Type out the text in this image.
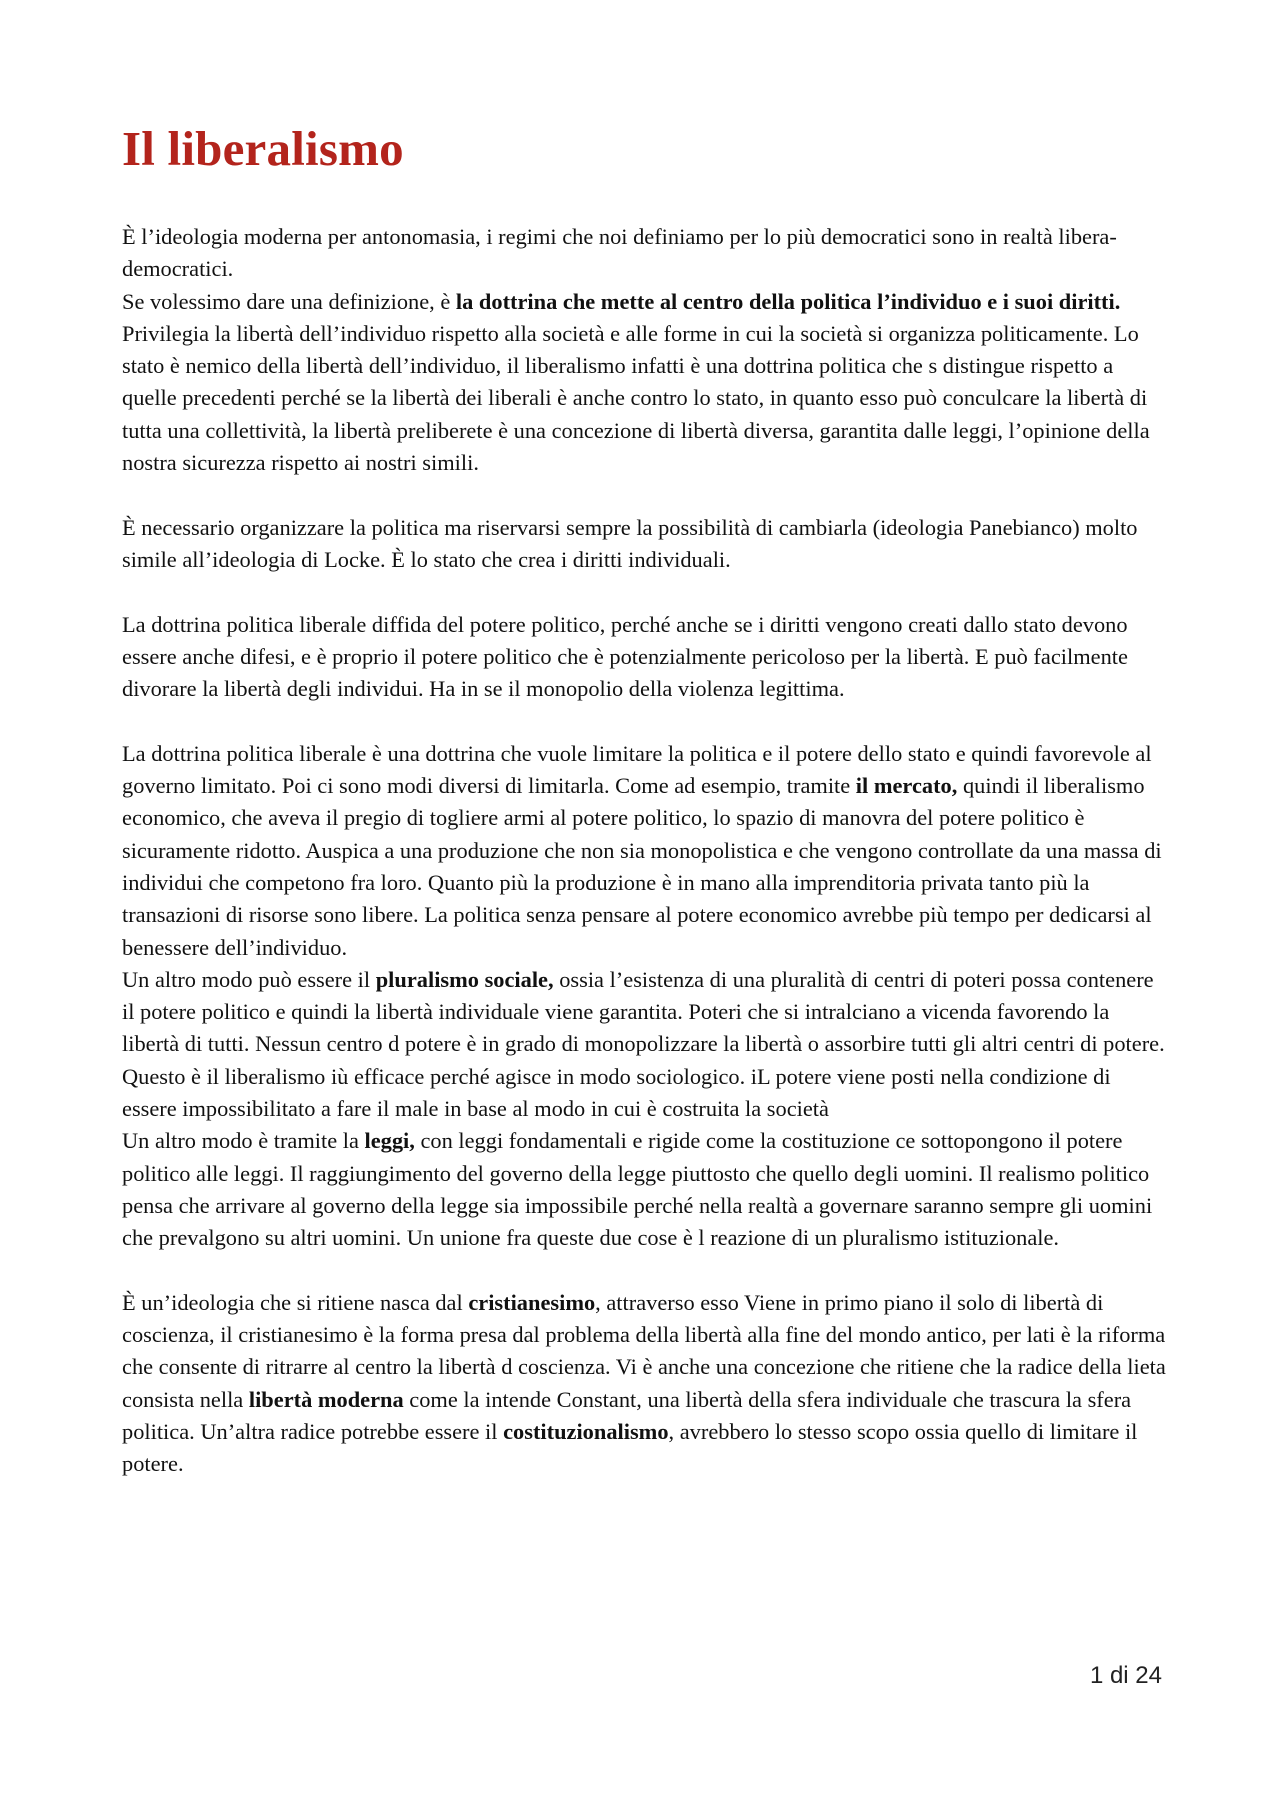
Il liberalismo

È l’ideologia moderna per antonomasia, i regimi che noi definiamo per lo più democratici sono in realtà libera-democratici.

Se volessimo dare una definizione, è la dottrina che mette al centro della politica l’individuo e i suoi diritti. Privilegia la libertà dell’individuo rispetto alla società e alle forme in cui la società si organizza politicamente. Lo stato è nemico della libertà dell’individuo, il liberalismo infatti è una dottrina politica che s distingue rispetto a quelle precedenti perché se la libertà dei liberali è anche contro lo stato, in quanto esso può conculcare la libertà di tutta una collettività, la libertà preliberete è una concezione di libertà diversa, garantita dalle leggi, l’opinione della nostra sicurezza rispetto ai nostri simili.

È necessario organizzare la politica ma riservarsi sempre la possibilità di cambiarla (ideologia Panebianco) molto simile all’ideologia di Locke. È lo stato che crea i diritti individuali.

La dottrina politica liberale diffida del potere politico, perché anche se i diritti vengono creati dallo stato devono essere anche difesi, e è proprio il potere politico che è potenzialmente pericoloso per la libertà. E può facilmente divorare la libertà degli individui. Ha in se il monopolio della violenza legittima.

La dottrina politica liberale è una dottrina che vuole limitare la politica e il potere dello stato e quindi favorevole al governo limitato. Poi ci sono modi diversi di limitarla. Come ad esempio, tramite il mercato, quindi il liberalismo economico, che aveva il pregio di togliere armi al potere politico, lo spazio di manovra del potere politico è sicuramente ridotto. Auspica a una produzione che non sia monopolistica e che vengono controllate da una massa di individui che competono fra loro. Quanto più la produzione è in mano alla imprenditoria privata tanto più la transazioni di risorse sono libere. La politica senza pensare al potere economico avrebbe più tempo per dedicarsi al benessere dell’individuo.

Un altro modo può essere il pluralismo sociale, ossia l’esistenza di una pluralità di centri di poteri possa contenere il potere politico e quindi la libertà individuale viene garantita. Poteri che si intralciano a vicenda favorendo la libertà di tutti. Nessun centro d potere è in grado di monopolizzare la libertà o assorbire tutti gli altri centri di potere. Questo è il liberalismo iù efficace perché agisce in modo sociologico. iL potere viene posti nella condizione di essere impossibilitato a fare il male in base al modo in cui è costruita la società

Un altro modo è tramite la leggi, con leggi fondamentali e rigide come la costituzione ce sottopongono il potere politico alle leggi. Il raggiungimento del governo della legge piuttosto che quello degli uomini. Il realismo politico pensa che arrivare al governo della legge sia impossibile perché nella realtà a governare saranno sempre gli uomini che prevalgono su altri uomini. Un unione fra queste due cose è l reazione di un pluralismo istituzionale.

È un’ideologia che si ritiene nasca dal cristianesimo, attraverso esso Viene in primo piano il solo di libertà di coscienza, il cristianesimo è la forma presa dal problema della libertà alla fine del mondo antico, per lati è la riforma che consente di ritrarre al centro la libertà d coscienza. Vi è anche una concezione che ritiene che la radice della lieta consista nella libertà moderna come la intende Constant, una libertà della sfera individuale che trascura la sfera politica. Un’altra radice potrebbe essere il costituzionalismo, avrebbero lo stesso scopo ossia quello di limitare il potere.

1 di 24
